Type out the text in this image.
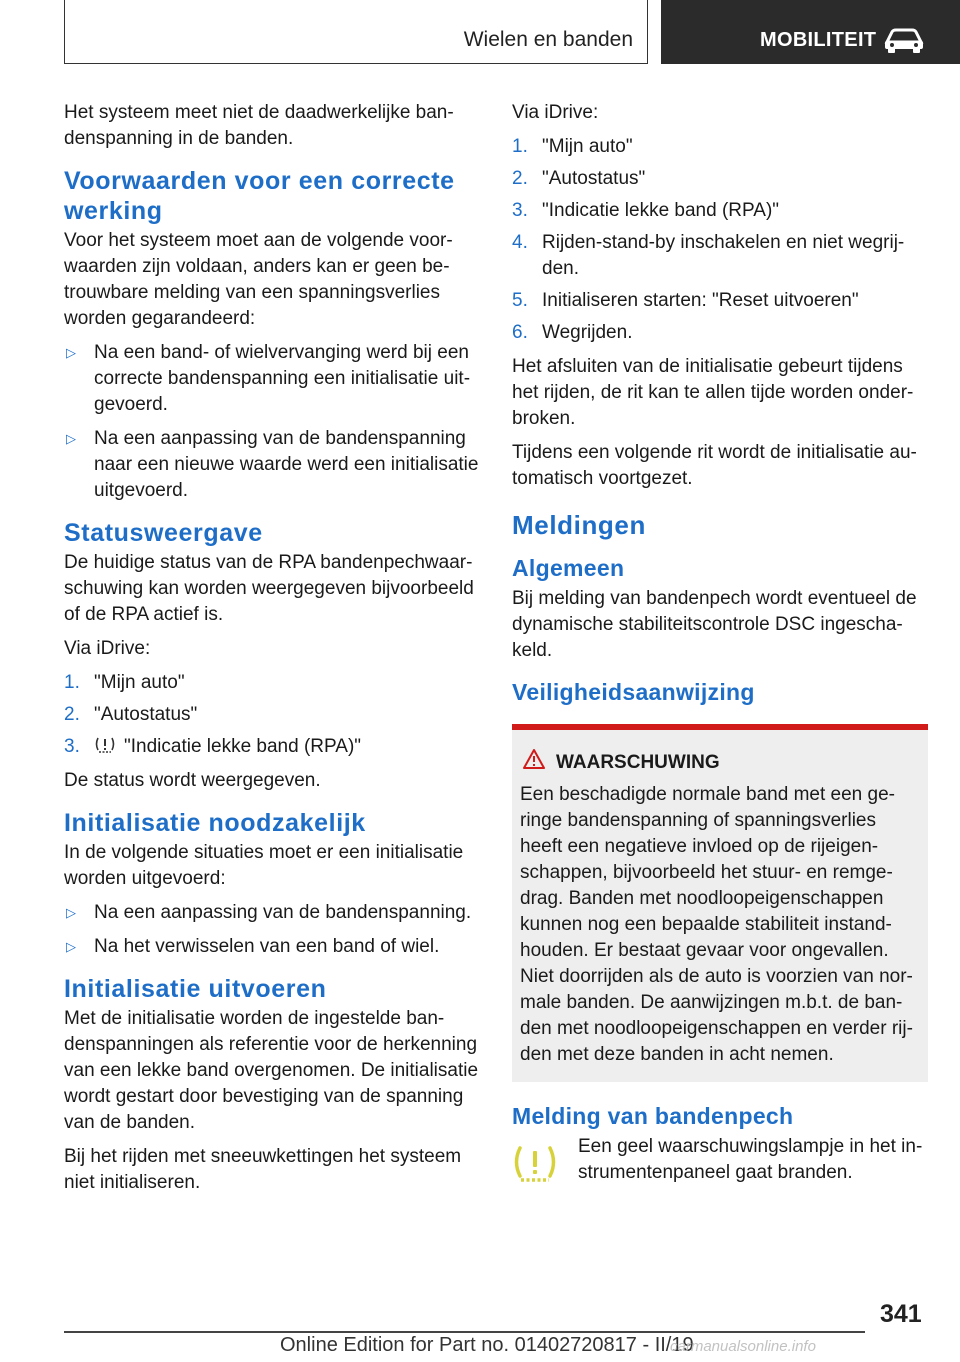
Wielen en banden	MOBILITEIT

Het systeem meet niet de daadwerkelijke ban-denspanning in de banden.

Voorwaarden voor een correcte werking

Voor het systeem moet aan de volgende voor-waarden zijn voldaan, anders kan er geen be-trouwbare melding van een spanningsverlies worden gegarandeerd:

▷ Na een band- of wielvervanging werd bij een correcte bandenspanning een initialisatie uit-gevoerd.
▷ Na een aanpassing van de bandenspanning naar een nieuwe waarde werd een initialisatie uitgevoerd.
Statusweergave

De huidige status van de RPA bandenpechwaar-schuwing kan worden weergegeven bijvoorbeeld of de RPA actief is.

Via iDrive:

1. "Mijn auto"
2. "Autostatus"
3. "Indicatie lekke band (RPA)"

De status wordt weergegeven.

Initialisatie noodzakelijk

In de volgende situaties moet er een initialisatie worden uitgevoerd:

▷ Na een aanpassing van de bandenspanning.
▷ Na het verwisselen van een band of wiel.
Initialisatie uitvoeren

Met de initialisatie worden de ingestelde ban-denspanningen als referentie voor de herkenning van een lekke band overgenomen. De initialisatie wordt gestart door bevestiging van de spanning van de banden.

Bij het rijden met sneeuwkettingen het systeem niet initialiseren.

Via iDrive:

1. "Mijn auto"
2. "Autostatus"
3. "Indicatie lekke band (RPA)"
4. Rijden-stand-by inschakelen en niet wegrij-den.
5. Initialiseren starten: "Reset uitvoeren"
6. Wegrijden.

Het afsluiten van de initialisatie gebeurt tijdens het rijden, de rit kan te allen tijde worden onder-broken.

Tijdens een volgende rit wordt de initialisatie au-tomatisch voortgezet.

Meldingen
Algemeen

Bij melding van bandenpech wordt eventueel de dynamische stabiliteitscontrole DSC ingescha-keld.

Veiligheidsaanwijzing
WAARSCHUWING

Een beschadigde normale band met een ge-ringe bandenspanning of spanningsverlies heeft een negatieve invloed op de rijeigen-schappen, bijvoorbeeld het stuur- en remge-drag. Banden met noodloopeigenschappen kunnen nog een bepaalde stabiliteit instand-houden. Er bestaat gevaar voor ongevallen. Niet doorrijden als de auto is voorzien van nor-male banden. De aanwijzingen m.b.t. de ban-den met noodloopeigenschappen en verder rij-den met deze banden in acht nemen.

Melding van bandenpech

Een geel waarschuwingslampje in het in-strumentenpaneel gaat branden.

341
Online Edition for Part no. 01402720817 - II/19
carmanualsonline.info
